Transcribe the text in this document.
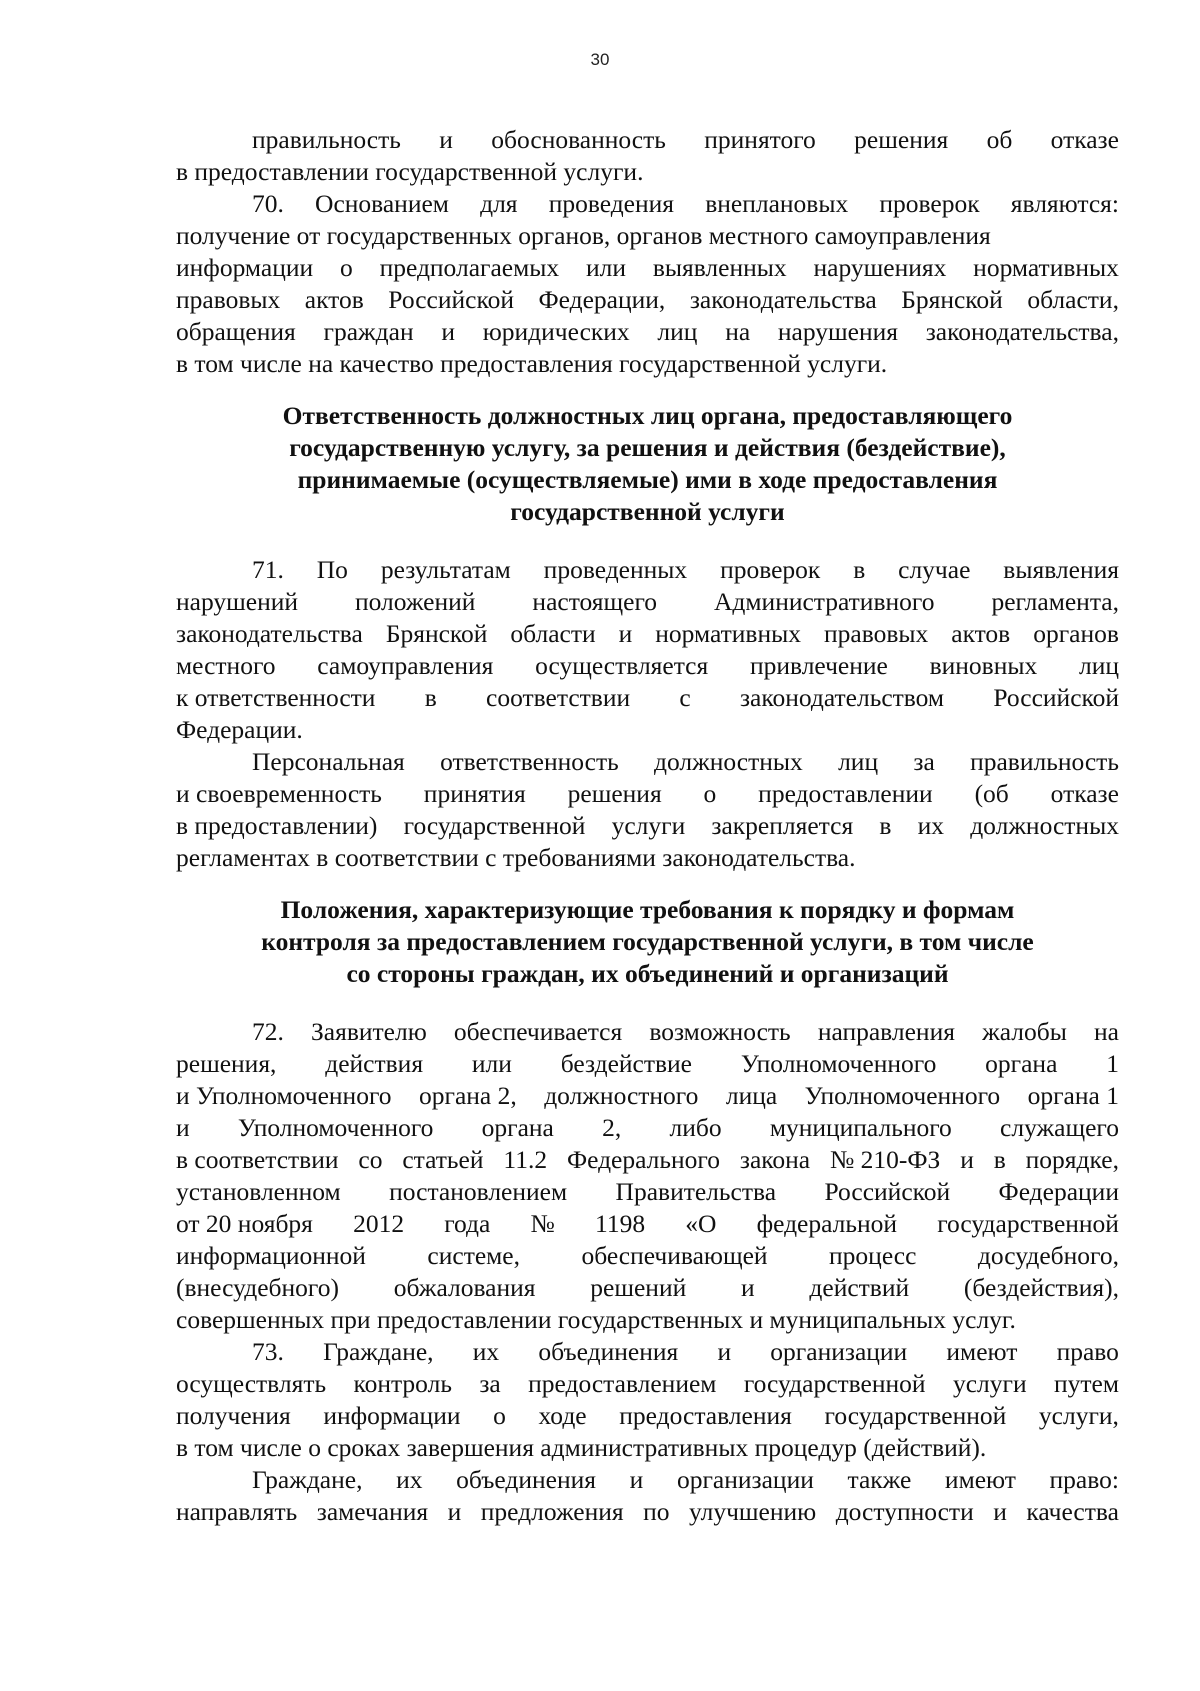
30
правильность и обоснованность принятого решения об отказе
в предоставлении государственной услуги.
70. Основанием для проведения внеплановых проверок являются:
получение от государственных органов, органов местного самоуправления
информации о предполагаемых или выявленных нарушениях нормативных
правовых актов Российской Федерации, законодательства Брянской области,
обращения граждан и юридических лиц на нарушения законодательства,
в том числе на качество предоставления государственной услуги.
Ответственность должностных лиц органа, предоставляющего
государственную услугу, за решения и действия (бездействие),
принимаемые (осуществляемые) ими в ходе предоставления
государственной услуги
71. По результатам проведенных проверок в случае выявления
нарушений положений настоящего Административного регламента,
законодательства Брянской области и нормативных правовых актов органов
местного самоуправления осуществляется привлечение виновных лиц
к ответственности в соответствии с законодательством Российской
Федерации.
Персональная ответственность должностных лиц за правильность
и своевременность принятия решения о предоставлении (об отказе
в предоставлении) государственной услуги закрепляется в их должностных
регламентах в соответствии с требованиями законодательства.
Положения, характеризующие требования к порядку и формам
контроля за предоставлением государственной услуги, в том числе
со стороны граждан, их объединений и организаций
72. Заявителю обеспечивается возможность направления жалобы на
решения, действия или бездействие Уполномоченного органа 1
и Уполномоченного органа 2, должностного лица Уполномоченного органа 1
и Уполномоченного органа 2, либо муниципального служащего
в соответствии со статьей 11.2 Федерального закона № 210-ФЗ и в порядке,
установленном постановлением Правительства Российской Федерации
от 20 ноября 2012 года № 1198 «О федеральной государственной
информационной системе, обеспечивающей процесс досудебного,
(внесудебного) обжалования решений и действий (бездействия),
совершенных при предоставлении государственных и муниципальных услуг.
73. Граждане, их объединения и организации имеют право
осуществлять контроль за предоставлением государственной услуги путем
получения информации о ходе предоставления государственной услуги,
в том числе о сроках завершения административных процедур (действий).
Граждане, их объединения и организации также имеют право:
направлять замечания и предложения по улучшению доступности и качества
